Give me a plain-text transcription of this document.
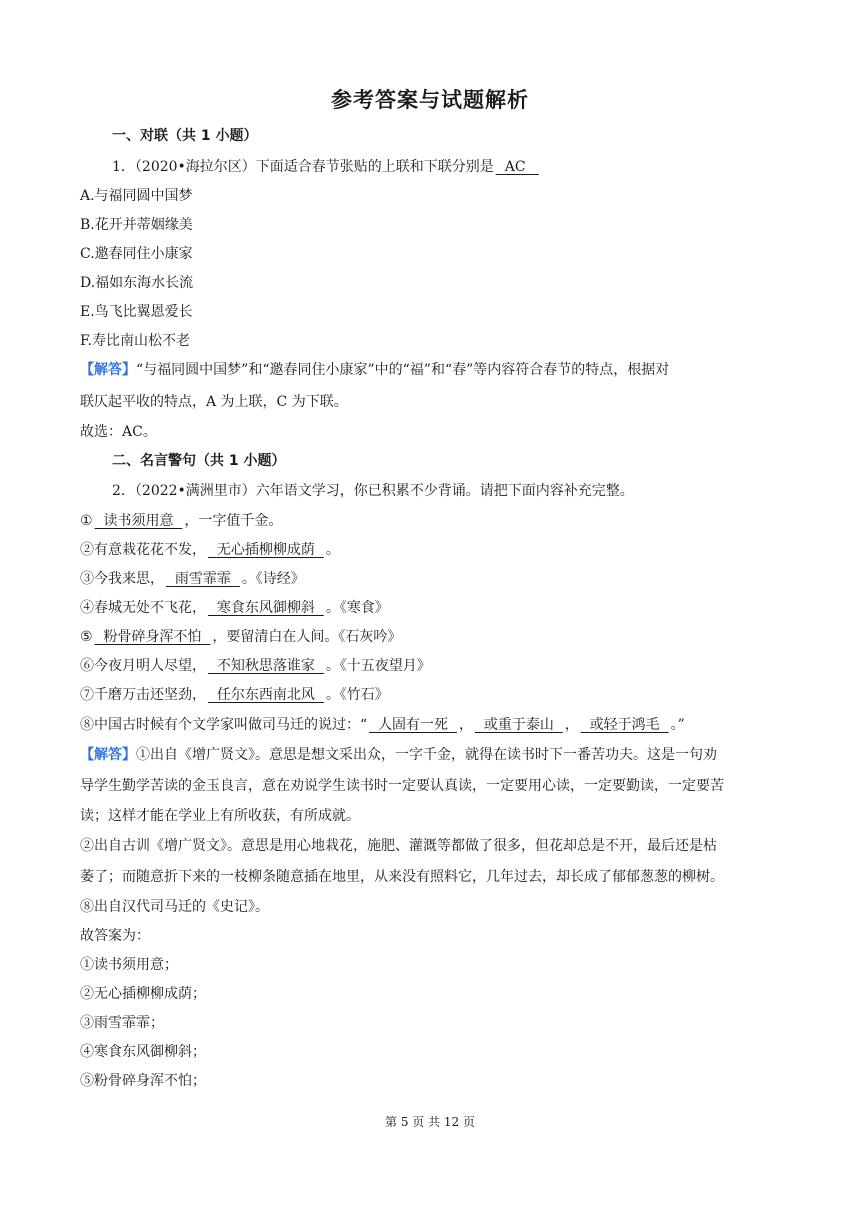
参考答案与试题解析
一、对联（共 1 小题）
1．（2020•海拉尔区）下面适合春节张贴的上联和下联分别是 AC
A.与福同圆中国梦
B.花开并蒂姻缘美
C.邀春同住小康家
D.福如东海水长流
E.鸟飞比翼恩爱长
F.寿比南山松不老
【解答】“与福同圆中国梦”和“邀春同住小康家”中的“福”和“春”等内容符合春节的特点，根据对
联仄起平收的特点，A 为上联，C 为下联。
故选：AC。
二、名言警句（共 1 小题）
2．（2022•满洲里市）六年语文学习，你已积累不少背诵。请把下面内容补充完整。
① 读书须用意 ，一字值千金。
②有意栽花花不发， 无心插柳柳成荫 。
③今我来思， 雨雪霏霏 。《诗经》
④春城无处不飞花， 寒食东风御柳斜 。《寒食》
⑤ 粉骨碎身浑不怕 ，要留清白在人间。《石灰吟》
⑥今夜月明人尽望， 不知秋思落谁家 。《十五夜望月》
⑦千磨万击还坚劲， 任尔东西南北风 。《竹石》
⑧中国古时候有个文学家叫做司马迁的说过：“ 人固有一死 ， 或重于泰山 ， 或轻于鸿毛 。”
【解答】①出自《增广贤文》。意思是想文采出众，一字千金，就得在读书时下一番苦功夫。这是一句劝
导学生勤学苦读的金玉良言，意在劝说学生读书时一定要认真读，一定要用心读，一定要勤读，一定要苦
读；这样才能在学业上有所收获，有所成就。
②出自古训《增广贤文》。意思是用心地栽花，施肥、灌溉等都做了很多，但花却总是不开，最后还是枯
萎了；而随意折下来的一枝柳条随意插在地里，从来没有照料它，几年过去，却长成了郁郁葱葱的柳树。
⑧出自汉代司马迁的《史记》。
故答案为：
①读书须用意；
②无心插柳柳成荫；
③雨雪霏霏；
④寒食东风御柳斜；
⑤粉骨碎身浑不怕；
第 5 页 共 12 页
